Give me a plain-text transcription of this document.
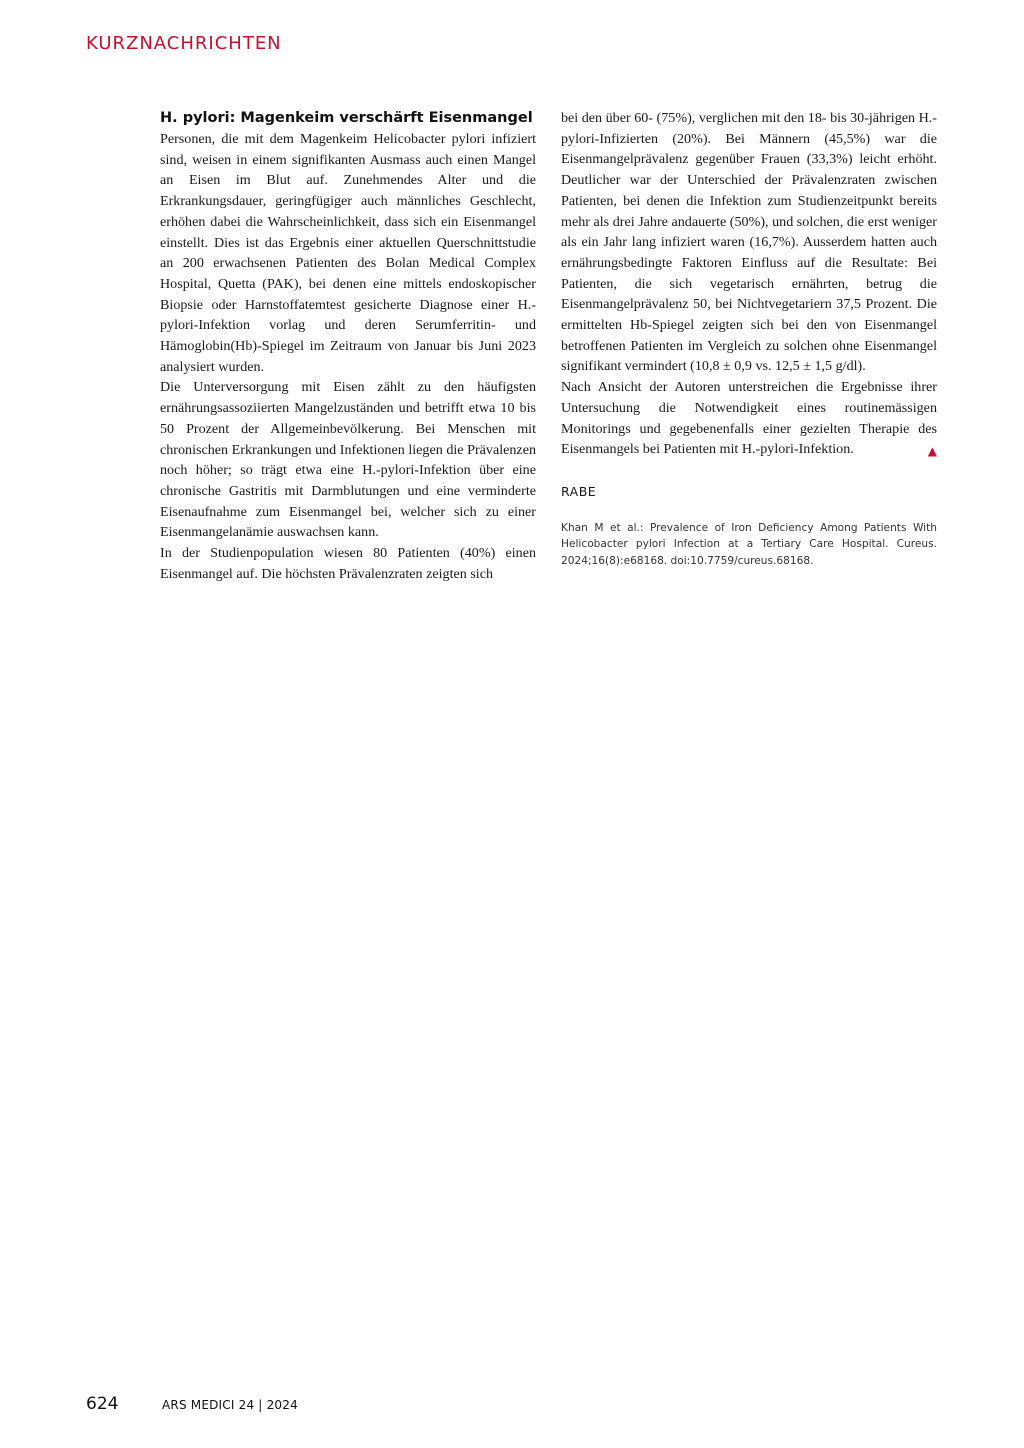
KURZNACHRICHTEN
H. pylori: Magenkeim verschärft Eisenmangel

Personen, die mit dem Magenkeim Helicobacter pylori infiziert sind, weisen in einem signifikanten Ausmass auch einen Mangel an Eisen im Blut auf. Zunehmendes Alter und die Erkrankungsdauer, geringfügiger auch männliches Geschlecht, erhöhen dabei die Wahrscheinlichkeit, dass sich ein Eisenmangel einstellt. Dies ist das Ergebnis einer aktuellen Querschnittstudie an 200 erwachsenen Patienten des Bolan Medical Complex Hospital, Quetta (PAK), bei denen eine mittels endoskopischer Biopsie oder Harnstoffatemtest gesicherte Diagnose einer H.-pylori-Infektion vorlag und deren Serumferritin- und Hämoglobin(Hb)-Spiegel im Zeitraum von Januar bis Juni 2023 analysiert wurden.

Die Unterversorgung mit Eisen zählt zu den häufigsten ernährungsassoziierten Mangelzuständen und betrifft etwa 10 bis 50 Prozent der Allgemeinbevölkerung. Bei Menschen mit chronischen Erkrankungen und Infektionen liegen die Prävalenzen noch höher; so trägt etwa eine H.-pylori-Infektion über eine chronische Gastritis mit Darmblutungen und eine verminderte Eisenaufnahme zum Eisenmangel bei, welcher sich zu einer Eisenmangelanämie auswachsen kann.

In der Studienpopulation wiesen 80 Patienten (40%) einen Eisenmangel auf. Die höchsten Prävalenzraten zeigten sich

bei den über 60- (75%), verglichen mit den 18- bis 30-jährigen H.-pylori-Infizierten (20%). Bei Männern (45,5%) war die Eisenmangelprävalenz gegenüber Frauen (33,3%) leicht erhöht. Deutlicher war der Unterschied der Prävalenzraten zwischen Patienten, bei denen die Infektion zum Studienzeitpunkt bereits mehr als drei Jahre andauerte (50%), und solchen, die erst weniger als ein Jahr lang infiziert waren (16,7%). Ausserdem hatten auch ernährungsbedingte Faktoren Einfluss auf die Resultate: Bei Patienten, die sich vegetarisch ernährten, betrug die Eisenmangelprävalenz 50, bei Nichtvegetariern 37,5 Prozent. Die ermittelten Hb-Spiegel zeigten sich bei den von Eisenmangel betroffenen Patienten im Vergleich zu solchen ohne Eisenmangel signifikant vermindert (10,8 ± 0,9 vs. 12,5 ± 1,5 g/dl).

Nach Ansicht der Autoren unterstreichen die Ergebnisse ihrer Untersuchung die Notwendigkeit eines routinemässigen Monitorings und gegebenenfalls einer gezielten Therapie des Eisenmangels bei Patienten mit H.-pylori-Infektion.	▲

RABE
Khan M et al.: Prevalence of Iron Deficiency Among Patients With Helicobacter pylori Infection at a Tertiary Care Hospital. Cureus. 2024;16(8):e68168. doi:10.7759/cureus.68168.
624	ARS MEDICI 24 | 2024
